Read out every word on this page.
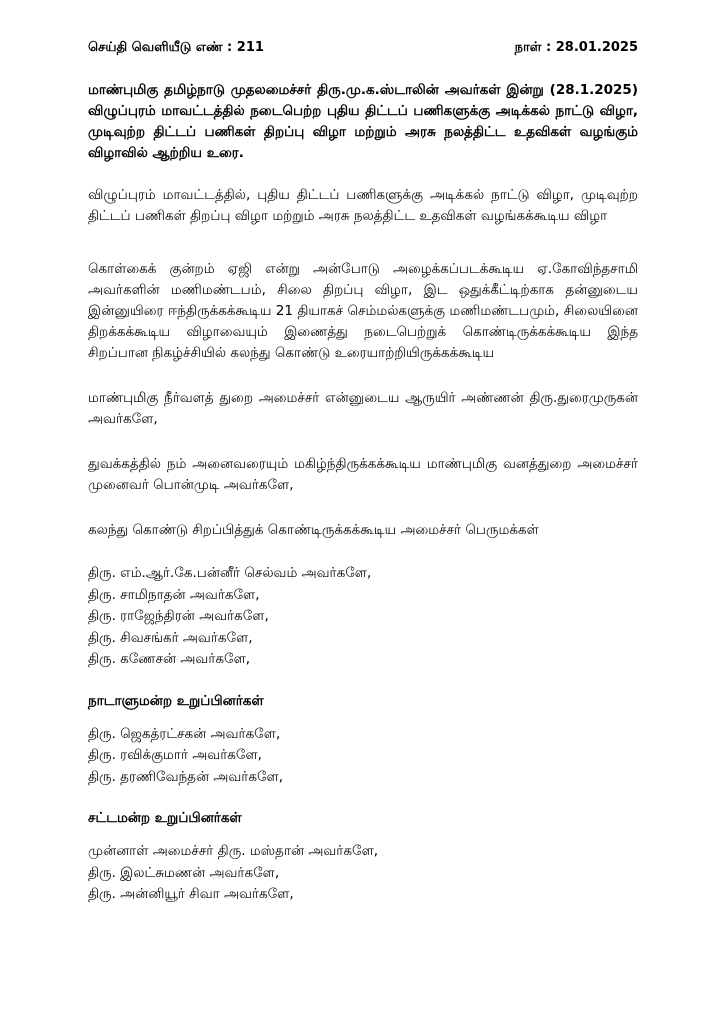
செய்தி வெளியீடு எண் : 211	நாள் : 28.01.2025

மாண்புமிகு தமிழ்நாடு முதலமைச்சர் திரு.மு.க.ஸ்டாலின் அவர்கள் இன்று (28.1.2025) விழுப்புரம் மாவட்டத்தில் நடைபெற்ற புதிய திட்டப் பணிகளுக்கு அடிக்கல் நாட்டு விழா, முடிவுற்ற திட்டப் பணிகள் திறப்பு விழா மற்றும் அரசு நலத்திட்ட உதவிகள் வழங்கும் விழாவில் ஆற்றிய உரை.

விழுப்புரம் மாவட்டத்தில், புதிய திட்டப் பணிகளுக்கு அடிக்கல் நாட்டு விழா, முடிவுற்ற திட்டப் பணிகள் திறப்பு விழா மற்றும் அரசு நலத்திட்ட உதவிகள் வழங்கக்கூடிய விழா

கொள்கைக் குன்றம் ஏஜி என்று அன்போடு அழைக்கப்படக்கூடிய ஏ.கோவிந்தசாமி அவர்களின் மணிமண்டபம், சிலை திறப்பு விழா, இட ஒதுக்கீட்டிற்காக தன்னுடைய இன்னுயிரை ஈந்திருக்கக்கூடிய 21 தியாகச் செம்மல்களுக்கு மணிமண்டபமும், சிலையினை திறக்கக்கூடிய விழாவையும் இணைத்து நடைபெற்றுக் கொண்டிருக்கக்கூடிய இந்த சிறப்பான நிகழ்ச்சியில் கலந்து கொண்டு உரையாற்றியிருக்கக்கூடிய

மாண்புமிகு நீர்வளத் துறை அமைச்சர் என்னுடைய ஆருயிர் அண்ணன் திரு.துரைமுருகன் அவர்களே,

துவக்கத்தில் நம் அனைவரையும் மகிழ்ந்திருக்கக்கூடிய மாண்புமிகு வனத்துறை அமைச்சர் முனைவர் பொன்முடி அவர்களே,

கலந்து கொண்டு சிறப்பித்துக் கொண்டிருக்கக்கூடிய அமைச்சர் பெருமக்கள்

திரு. எம்.ஆர்.கே.பன்னீர் செல்வம் அவர்களே,
திரு. சாமிநாதன் அவர்களே,
திரு. ராஜேந்திரன் அவர்களே,
திரு. சிவசங்கர் அவர்களே,
திரு. கணேசன் அவர்களே,
நாடாளுமன்ற உறுப்பினர்கள்
திரு. ஜெகத்ரட்சகன் அவர்களே,
திரு. ரவிக்குமார் அவர்களே,
திரு. தரணிவேந்தன் அவர்களே,
சட்டமன்ற உறுப்பினர்கள்
முன்னாள் அமைச்சர் திரு. மஸ்தான் அவர்களே,
திரு. இலட்சுமணன் அவர்களே,
திரு. அன்னியூர் சிவா அவர்களே,
